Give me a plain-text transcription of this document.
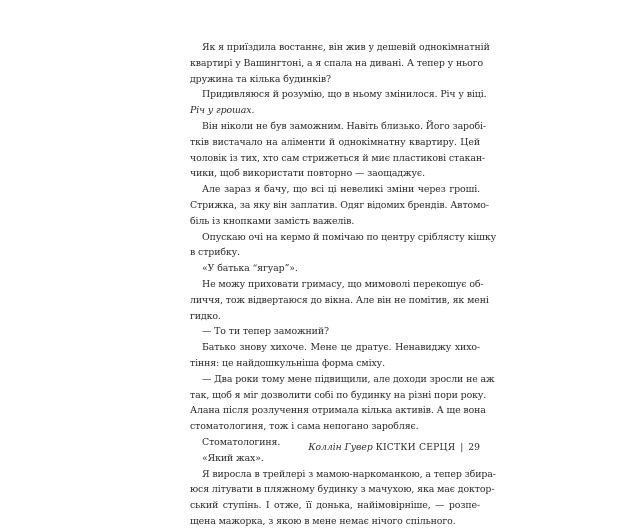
Як я приїздила востаннє, він жив у дешевій однокімнатній
квартирі у Вашингтоні, а я спала на дивані. А тепер у нього
дружина та кілька будинків?
Придивляюся й розумію, що в ньому змінилося. Річ у віці.
Річ у грошах.
Він ніколи не був заможним. Навіть близько. Його заробі-
тків вистачало на аліменти й однокімнатну квартиру. Цей
чоловік із тих, хто сам стрижеться й миє пластикові стакан-
чики, щоб використати повторно — заощаджує.
Але зараз я бачу, що всі ці невеликі зміни через гроші.
Стрижка, за яку він заплатив. Одяг відомих брендів. Автомо-
біль із кнопками замість важелів.
Опускаю очі на кермо й помічаю по центру сріблясту кішку
в стрибку.
«У батька “ягуар”».
Не можу приховати гримасу, що мимоволі перекошує об-
личчя, тож відвертаюся до вікна. Але він не помітив, як мені
гидко.
— То ти тепер заможний?
Батько знову хихоче. Мене це дратує. Ненавиджу хихо-
тіння: це найдошкульніша форма сміху.
— Два роки тому мене підвищили, але доходи зросли не аж
так, щоб я міг дозволити собі по будинку на різні пори року.
Алана після розлучення отримала кілька активів. А ще вона
стоматологиня, тож і сама непогано заробляє.
Стоматологиня.
«Який жах».
Я виросла в трейлері з мамою-наркоманкою, а тепер збира-
юся літувати в пляжному будинку з мачухою, яка має доктор-
ський ступінь. І отже, її донька, найімовірніше, — розпе-
щена мажорка, з якою в мене немає нічого спільного.
Коллін Гувер КІСТКИ СЕРЦЯ | 29
